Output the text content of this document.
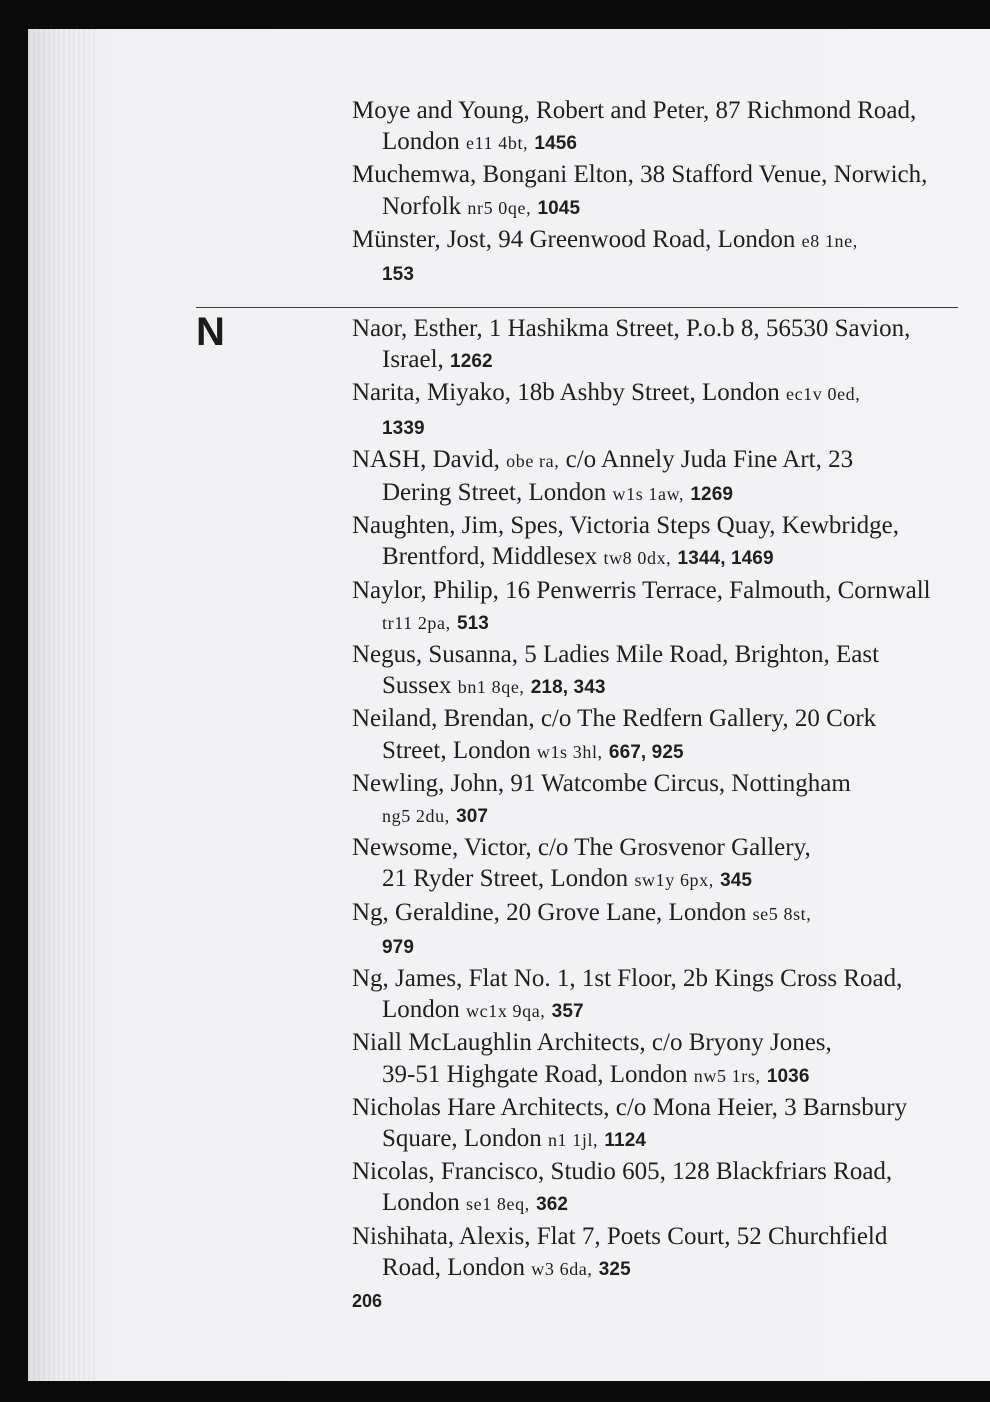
N
Moye and Young, Robert and Peter, 87 Richmond Road,
London e11 4bt, 1456
Muchemwa, Bongani Elton, 38 Stafford Venue, Norwich,
Norfolk nr5 0qe, 1045
Münster, Jost, 94 Greenwood Road, London e8 1ne,
153
Naor, Esther, 1 Hashikma Street, P.o.b 8, 56530 Savion,
Israel, 1262
Narita, Miyako, 18b Ashby Street, London ec1v 0ed,
1339
NASH, David, obe ra, c/o Annely Juda Fine Art, 23
Dering Street, London w1s 1aw, 1269
Naughten, Jim, Spes, Victoria Steps Quay, Kewbridge,
Brentford, Middlesex tw8 0dx, 1344, 1469
Naylor, Philip, 16 Penwerris Terrace, Falmouth, Cornwall
tr11 2pa, 513
Negus, Susanna, 5 Ladies Mile Road, Brighton, East
Sussex bn1 8qe, 218, 343
Neiland, Brendan, c/o The Redfern Gallery, 20 Cork
Street, London w1s 3hl, 667, 925
Newling, John, 91 Watcombe Circus, Nottingham
ng5 2du, 307
Newsome, Victor, c/o The Grosvenor Gallery,
21 Ryder Street, London sw1y 6px, 345
Ng, Geraldine, 20 Grove Lane, London se5 8st,
979
Ng, James, Flat No. 1, 1st Floor, 2b Kings Cross Road,
London wc1x 9qa, 357
Niall McLaughlin Architects, c/o Bryony Jones,
39-51 Highgate Road, London nw5 1rs, 1036
Nicholas Hare Architects, c/o Mona Heier, 3 Barnsbury
Square, London n1 1jl, 1124
Nicolas, Francisco, Studio 605, 128 Blackfriars Road,
London se1 8eq, 362
Nishihata, Alexis, Flat 7, Poets Court, 52 Churchfield
Road, London w3 6da, 325
206
